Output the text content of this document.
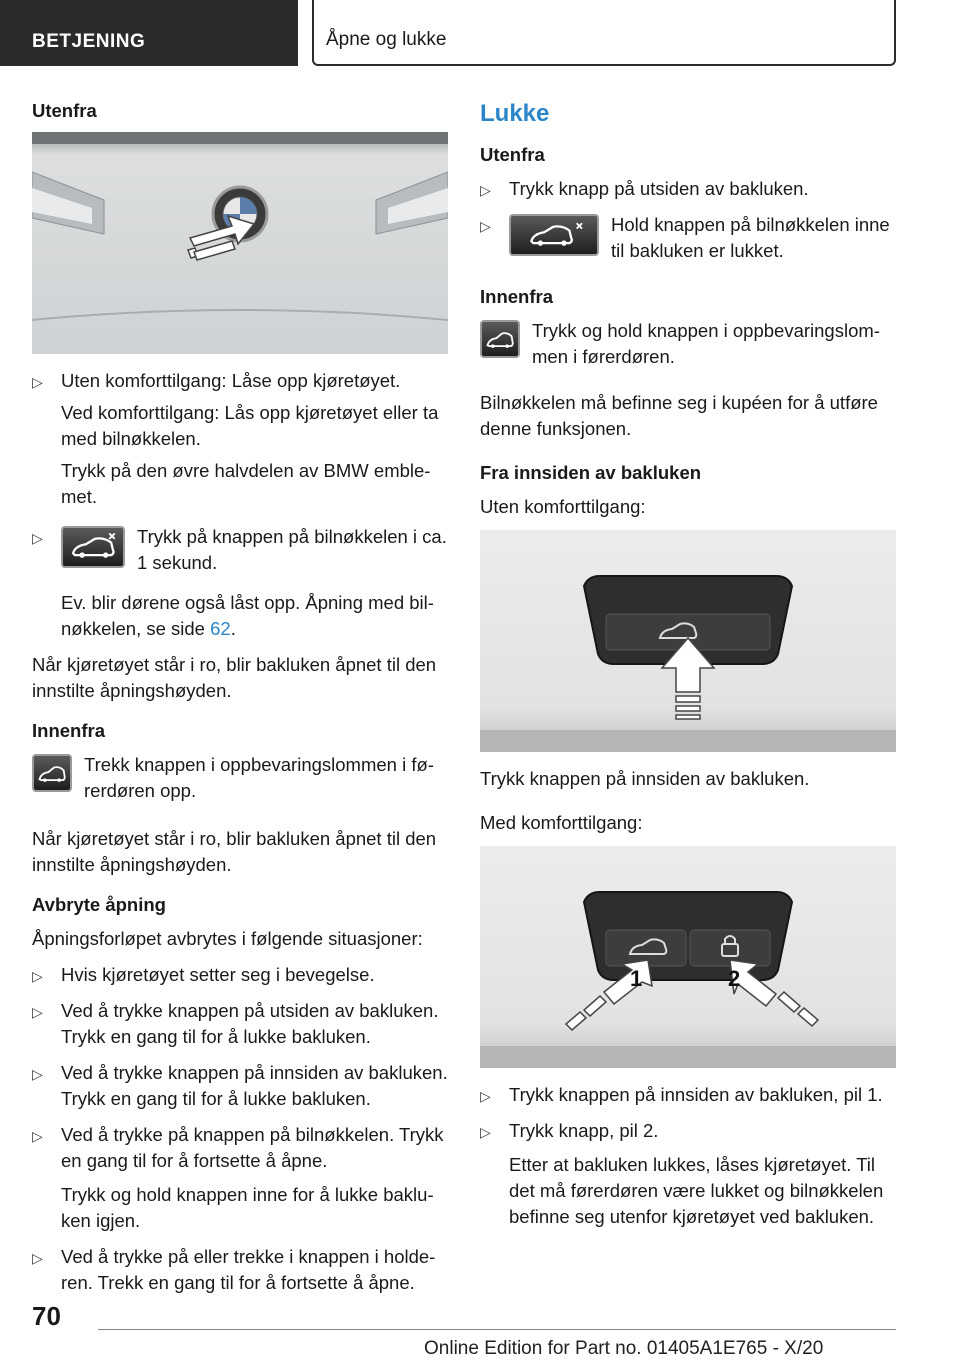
BETJENING	Åpne og lukke
Utenfra
▷ Uten komforttilgang: Låse opp kjøretøyet.

Ved komforttilgang: Lås opp kjøretøyet eller ta med bilnøkkelen.

Trykk på den øvre halvdelen av BMW emblemet.

▷	Trykk på knappen på bilnøkkelen i ca. 1 sekund.

Ev. blir dørene også låst opp. Åpning med bilnøkkelen, se side 62.

Når kjøretøyet står i ro, blir bakluken åpnet til den innstilte åpningshøyden.

Innenfra

Trekk knappen i oppbevaringslommen i førerdøren opp.

Når kjøretøyet står i ro, blir bakluken åpnet til den innstilte åpningshøyden.

Avbryte åpning

Åpningsforløpet avbrytes i følgende situasjoner:

▷ Hvis kjøretøyet setter seg i bevegelse.
▷ Ved å trykke knappen på utsiden av bakluken. Trykk en gang til for å lukke bakluken.
▷ Ved å trykke knappen på innsiden av bakluken. Trykk en gang til for å lukke bakluken.
▷ Ved å trykke på knappen på bilnøkkelen. Trykk en gang til for å fortsette å åpne.

Trykk og hold knappen inne for å lukke bakluken igjen.

▷ Ved å trykke på eller trekke i knappen i holderen. Trekk en gang til for å fortsette å åpne.
Lukke
Utenfra
▷ Trykk knapp på utsiden av bakluken.
▷	Hold knappen på bilnøkkelen inne til bakluken er lukket.

Innenfra

Trykk og hold knappen i oppbevaringslommen i førerdøren.

Bilnøkkelen må befinne seg i kupéen for å utføre denne funksjonen.

Fra innsiden av bakluken

Uten komforttilgang:

Trykk knappen på innsiden av bakluken.

Med komforttilgang:

1	2
▷ Trykk knappen på innsiden av bakluken, pil 1.
▷ Trykk knapp, pil 2.

Etter at bakluken lukkes, låses kjøretøyet. Til det må førerdøren være lukket og bilnøkkelen befinne seg utenfor kjøretøyet ved bakluken.

70
Online Edition for Part no. 01405A1E765 - X/20
